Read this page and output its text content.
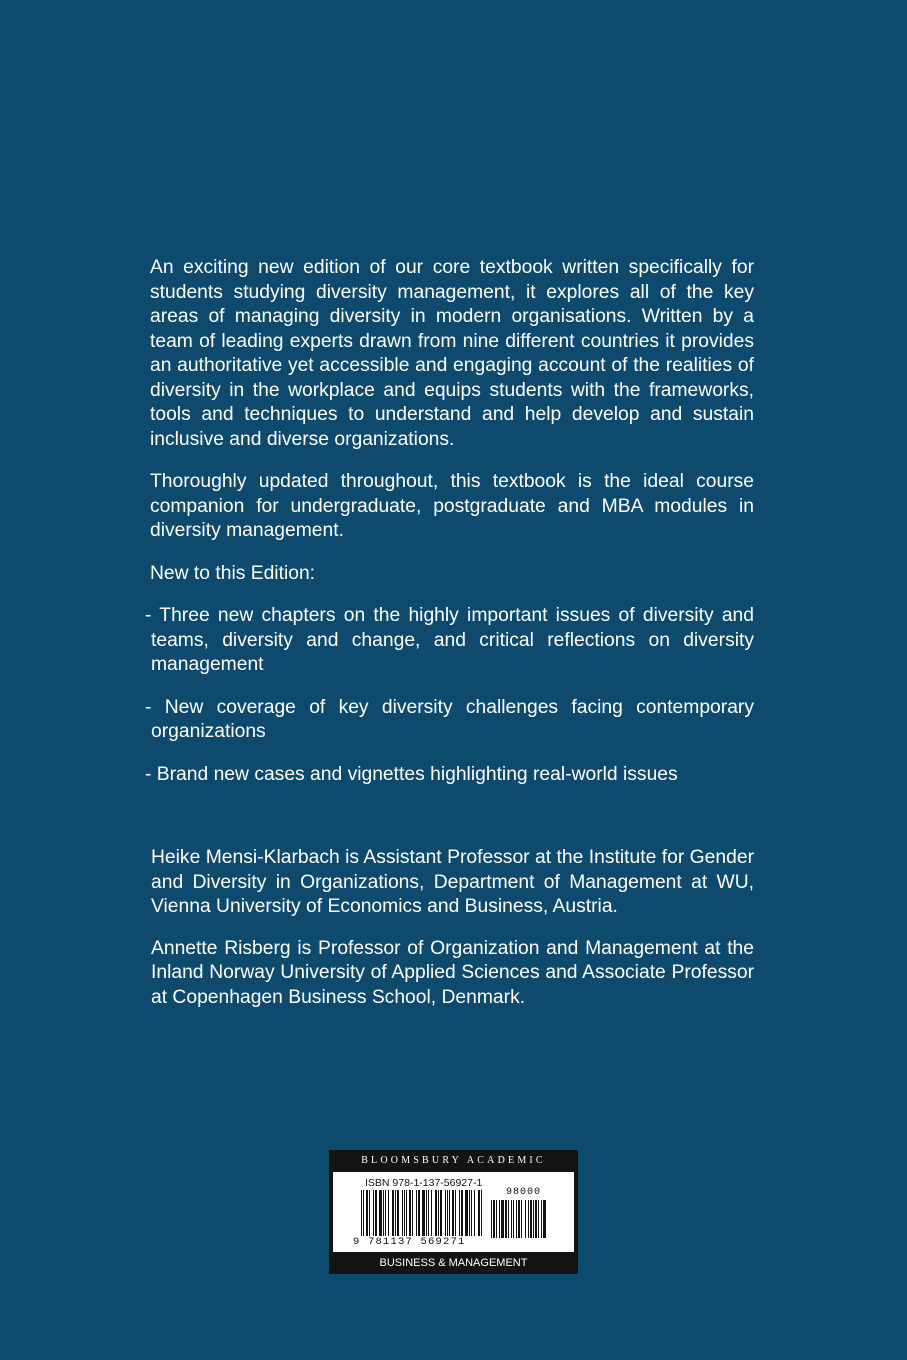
An exciting new edition of our core textbook written specifically for students studying diversity management, it explores all of the key areas of managing diversity in modern organisations. Written by a team of leading experts drawn from nine different countries it provides an authoritative yet accessible and engaging account of the realities of diversity in the workplace and equips students with the frameworks, tools and techniques to understand and help develop and sustain inclusive and diverse organizations.

Thoroughly updated throughout, this textbook is the ideal course companion for undergraduate, postgraduate and MBA modules in diversity management.

New to this Edition:

- Three new chapters on the highly important issues of diversity and teams, diversity and change, and critical reflections on diversity management

- New coverage of key diversity challenges facing contemporary organizations

- Brand new cases and vignettes highlighting real-world issues

Heike Mensi-Klarbach is Assistant Professor at the Institute for Gender and Diversity in Organizations, Department of Management at WU, Vienna University of Economics and Business, Austria.

Annette Risberg is Professor of Organization and Management at the Inland Norway University of Applied Sciences and Associate Professor at Copenhagen Business School, Denmark.

BLOOMSBURY ACADEMIC
ISBN 978-1-137-56927-1
98000
9 781137 569271
BUSINESS & MANAGEMENT
